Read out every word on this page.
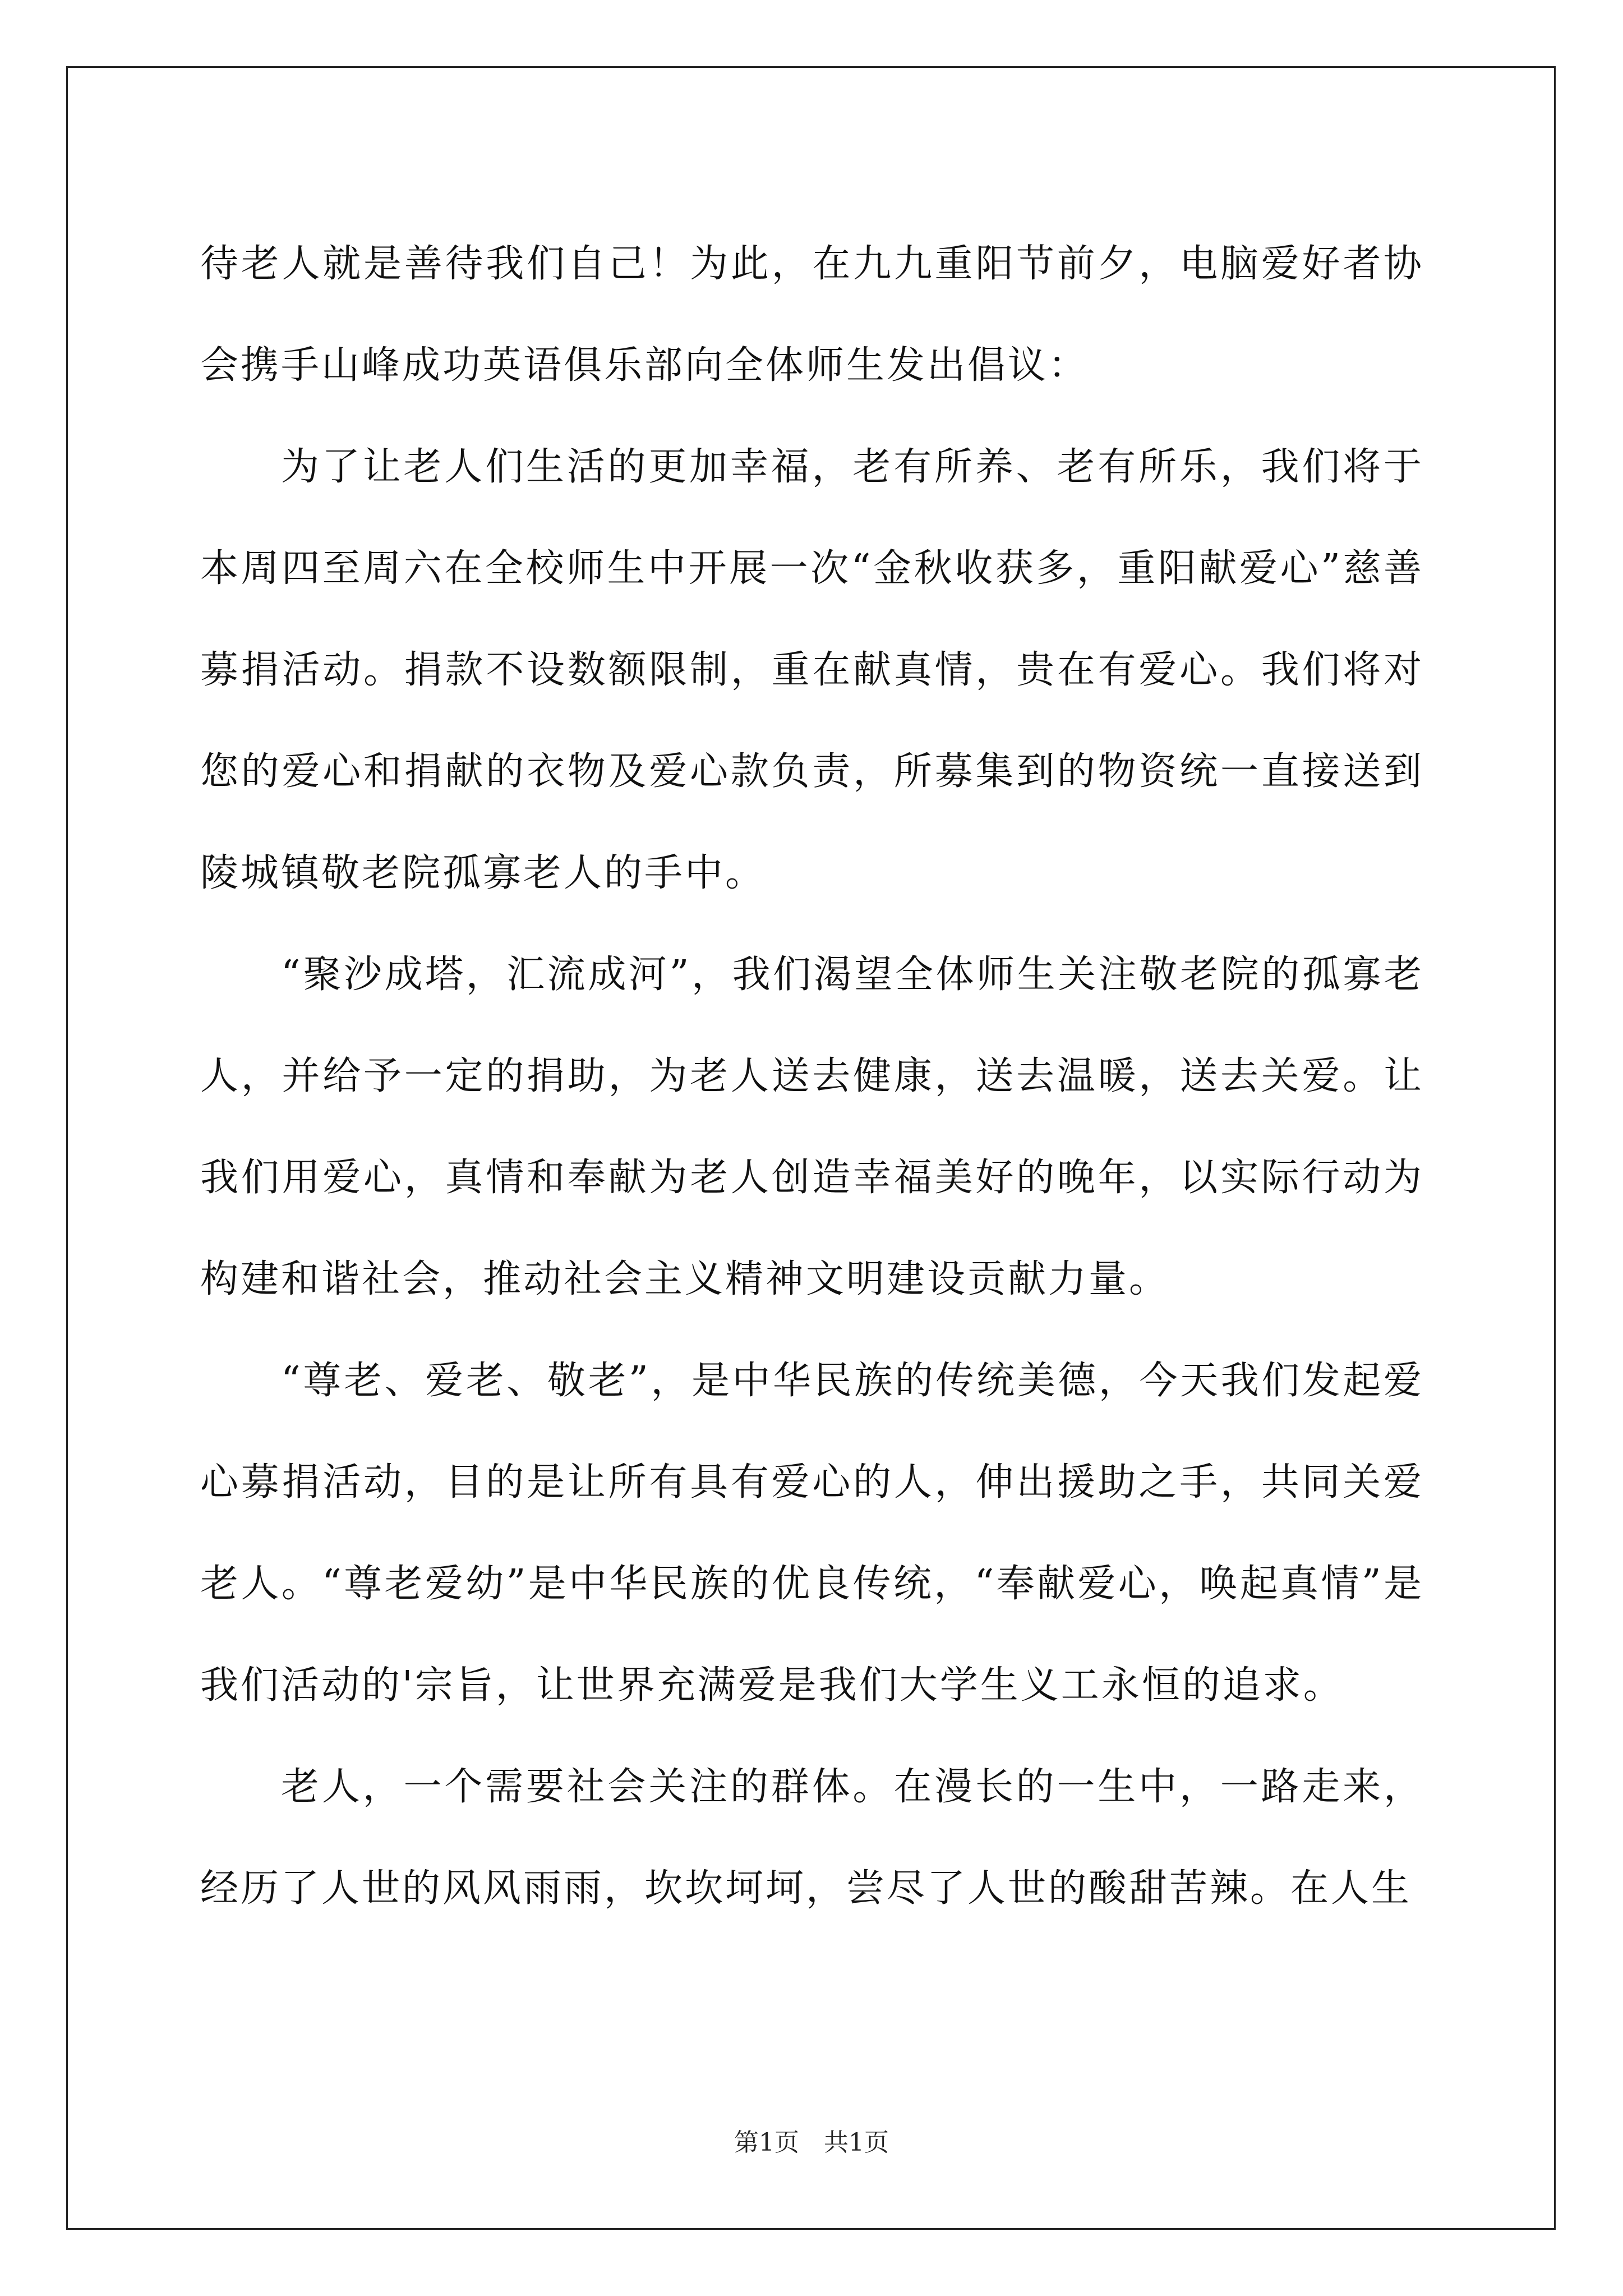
待老人就是善待我们自己！为此，在九九重阳节前夕，电脑爱好者协会携手山峰成功英语俱乐部向全体师生发出倡议：

为了让老人们生活的更加幸福，老有所养、老有所乐，我们将于本周四至周六在全校师生中开展一次“金秋收获多，重阳献爱心”慈善募捐活动。捐款不设数额限制，重在献真情，贵在有爱心。我们将对您的爱心和捐献的衣物及爱心款负责，所募集到的物资统一直接送到陵城镇敬老院孤寡老人的手中。

“聚沙成塔，汇流成河”，我们渴望全体师生关注敬老院的孤寡老人，并给予一定的捐助，为老人送去健康，送去温暖，送去关爱。让我们用爱心，真情和奉献为老人创造幸福美好的晚年，以实际行动为构建和谐社会，推动社会主义精神文明建设贡献力量。

“尊老、爱老、敬老”，是中华民族的传统美德，今天我们发起爱心募捐活动，目的是让所有具有爱心的人，伸出援助之手，共同关爱老人。“尊老爱幼”是中华民族的优良传统，“奉献爱心，唤起真情”是我们活动的'宗旨，让世界充满爱是我们大学生义工永恒的追求。

老人，一个需要社会关注的群体。在漫长的一生中，一路走来，经历了人世的风风雨雨，坎坎坷坷，尝尽了人世的酸甜苦辣。在人生

第1页 共1页
